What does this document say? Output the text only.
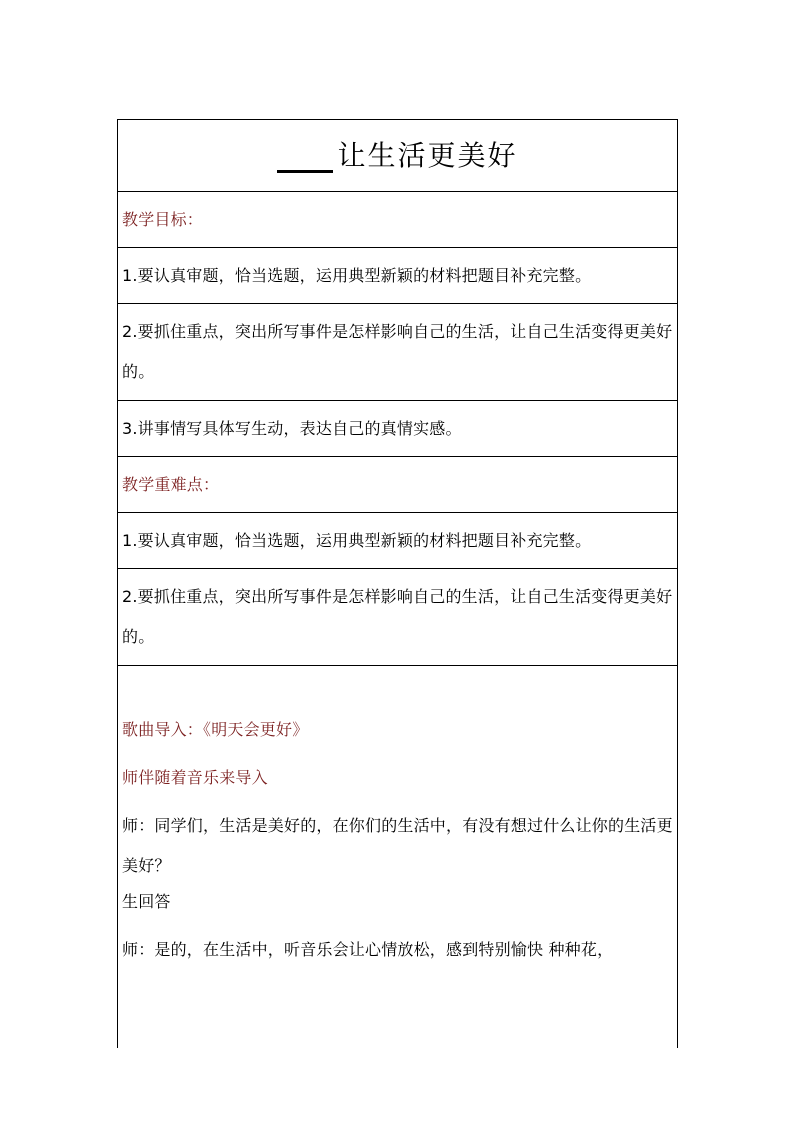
让生活更美好
教学目标：
1.要认真审题，恰当选题，运用典型新颖的材料把题目补充完整。
2.要抓住重点，突出所写事件是怎样影响自己的生活，让自己生活变得更美好的。
3.讲事情写具体写生动，表达自己的真情实感。
教学重难点：
1.要认真审题，恰当选题，运用典型新颖的材料把题目补充完整。
2.要抓住重点，突出所写事件是怎样影响自己的生活，让自己生活变得更美好的。

歌曲导入：《明天会更好》

师伴随着音乐来导入

师：同学们，生活是美好的，在你们的生活中，有没有想过什么让你的生活更美好？

生回答

师：是的，在生活中，听音乐会让心情放松，感到特别愉快 种种花，
